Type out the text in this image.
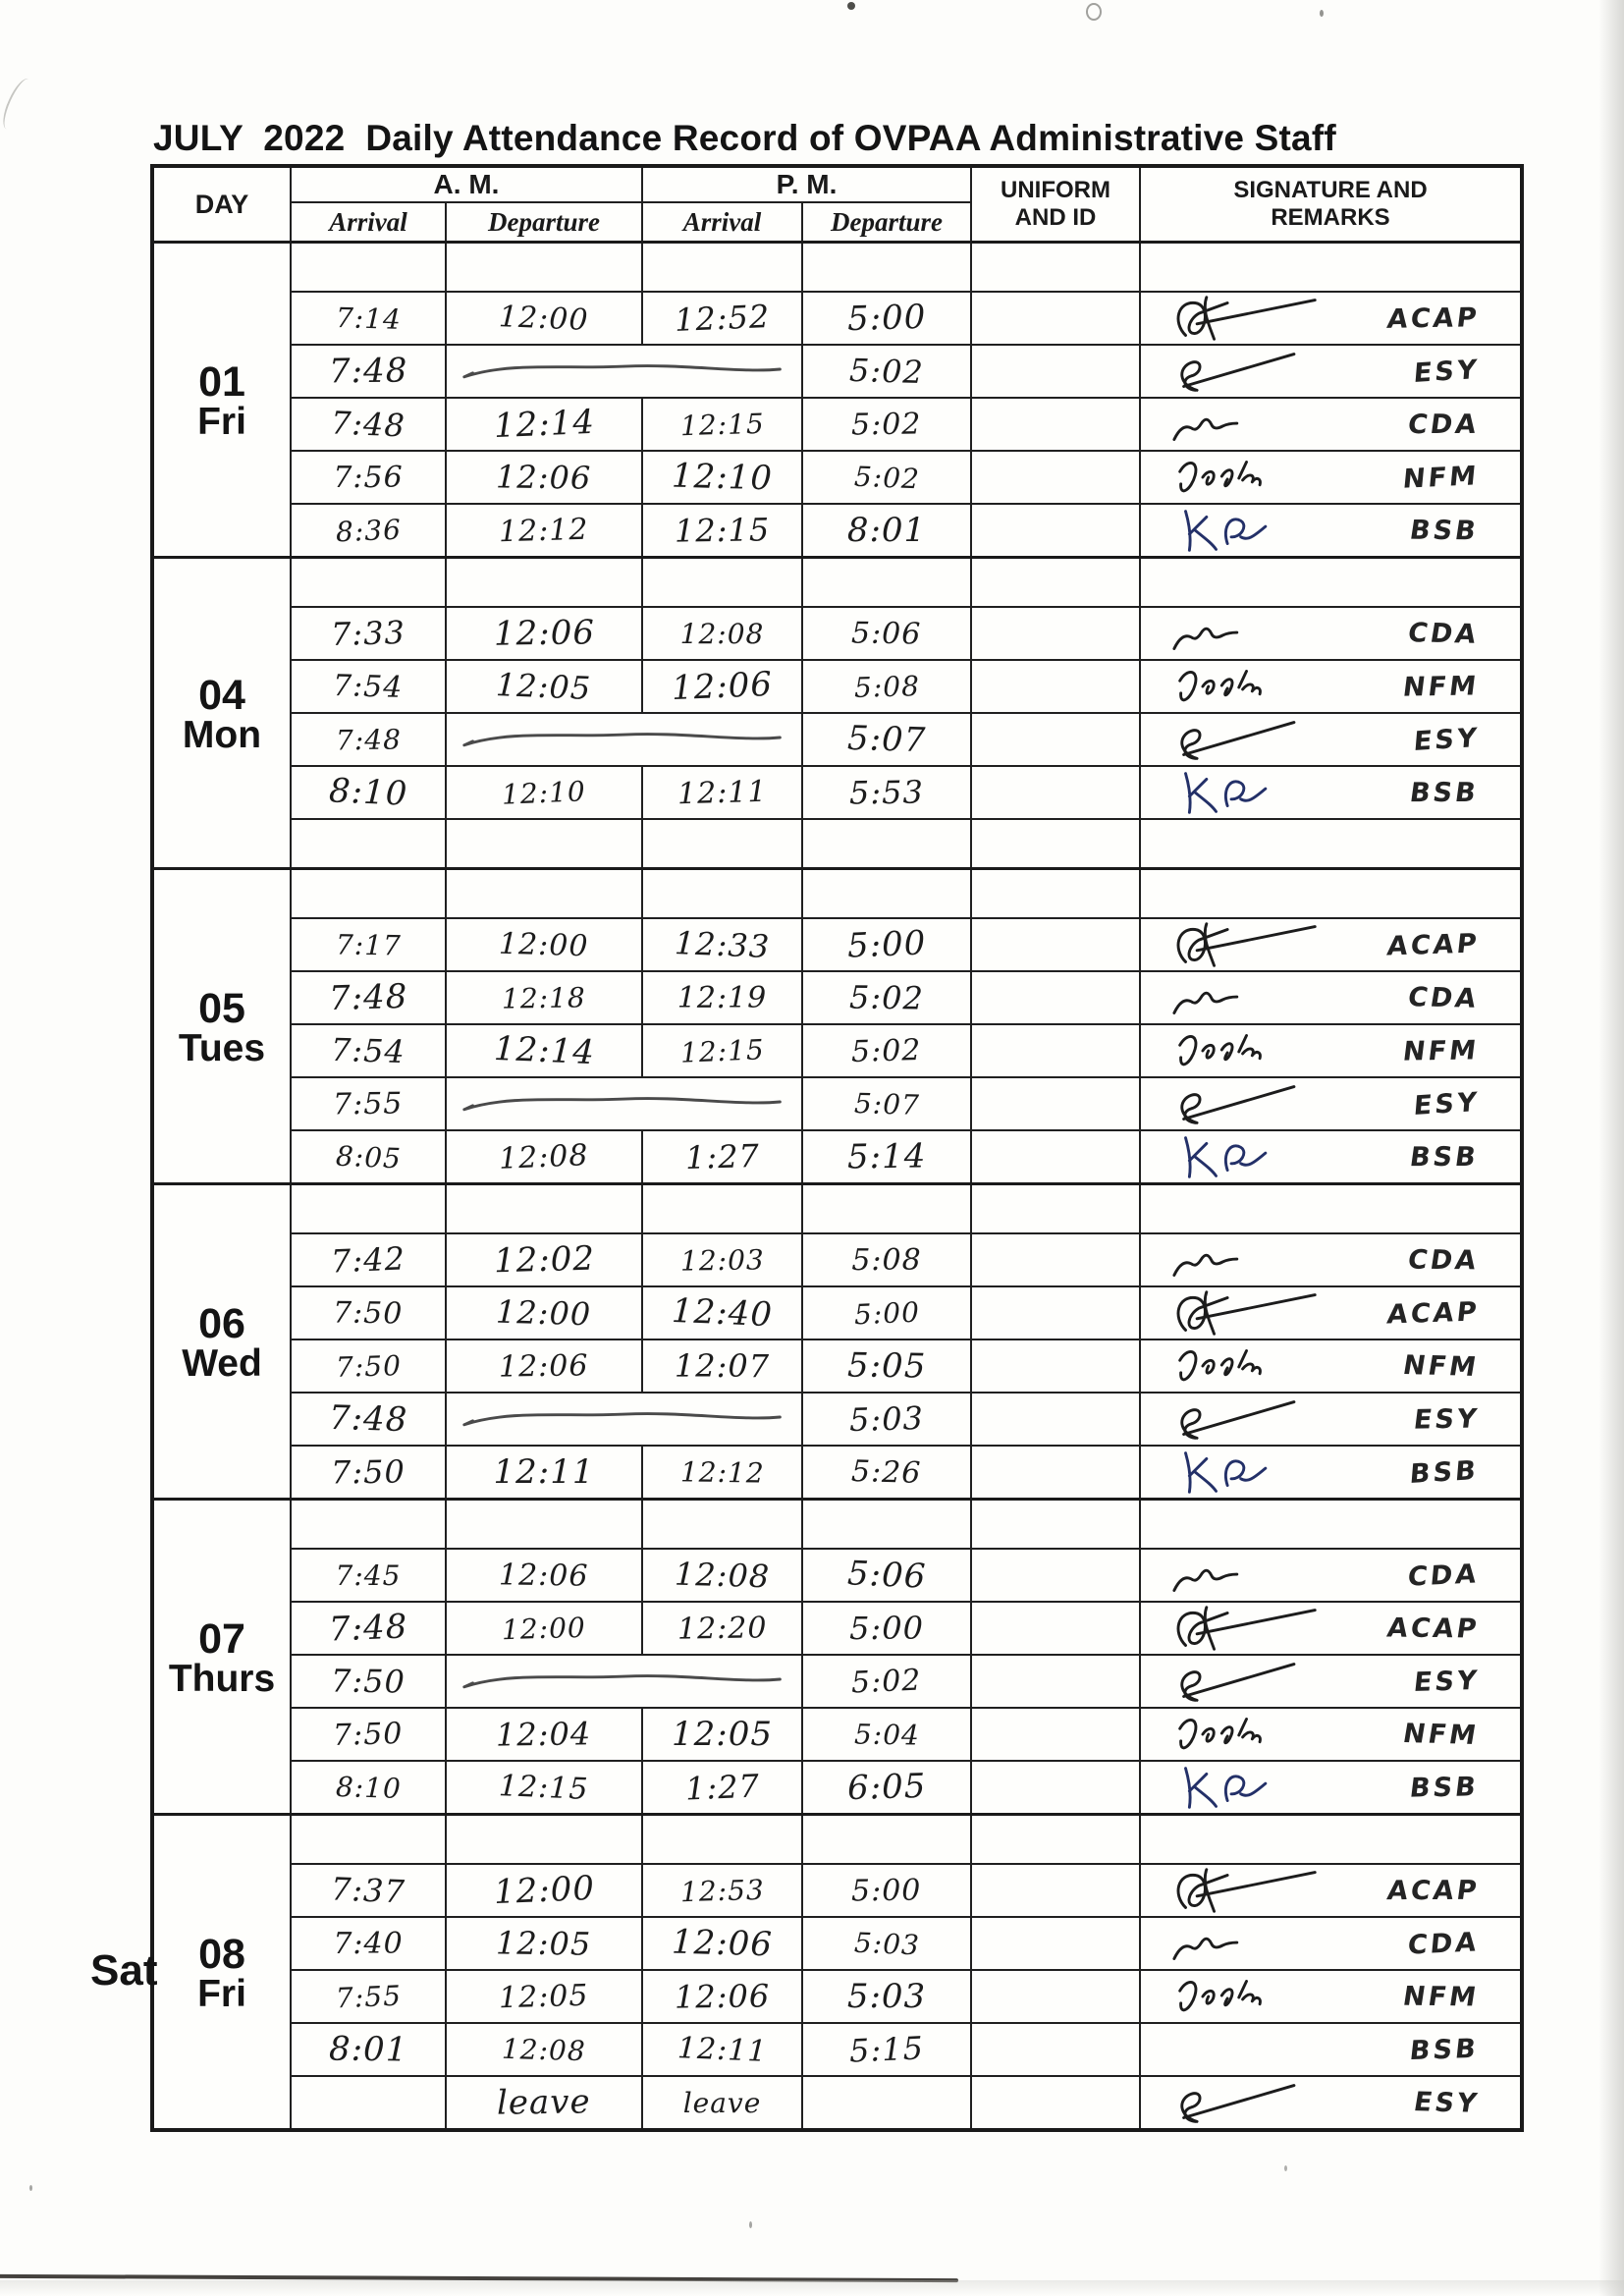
JULY  2022  Daily Attendance Record of OVPAA Administrative Staff
DAY	A. M.	P. M.	UNIFORM
AND ID

SIGNATURE AND
REMARKS

	Arrival	Departure	Arrival	Departure		

01
Fri						

	7:14	12:00	12:52	5:00		ACAP

	7:48			5:02		ESY

	7:48	12:14	12:15	5:02		CDA

	7:56	12:06	12:10	5:02		NFM

	8:36	12:12	12:15	8:01		BSB

04
Mon						

	7:33	12:06	12:08	5:06		CDA

	7:54	12:05	12:06	5:08		NFM

	7:48			5:07		ESY

	8:10	12:10	12:11	5:53		BSB

05
Tues						

	7:17	12:00	12:33	5:00		ACAP

	7:48	12:18	12:19	5:02		CDA

	7:54	12:14	12:15	5:02		NFM

	7:55			5:07		ESY

	8:05	12:08	1:27	5:14		BSB

06
Wed						

	7:42	12:02	12:03	5:08		CDA

	7:50	12:00	12:40	5:00		ACAP

	7:50	12:06	12:07	5:05		NFM

	7:48			5:03		ESY

	7:50	12:11	12:12	5:26		BSB

07
Thurs						

	7:45	12:06	12:08	5:06		CDA

	7:48	12:00	12:20	5:00		ACAP

	7:50			5:02		ESY

	7:50	12:04	12:05	5:04		NFM

	8:10	12:15	1:27	6:05		BSB

08
Fri						

	7:37	12:00	12:53	5:00		ACAP

	7:40	12:05	12:06	5:03		CDA

	7:55	12:05	12:06	5:03		NFM

	8:01	12:08	12:11	5:15		BSB

		leave	leave			ESY
Sat
